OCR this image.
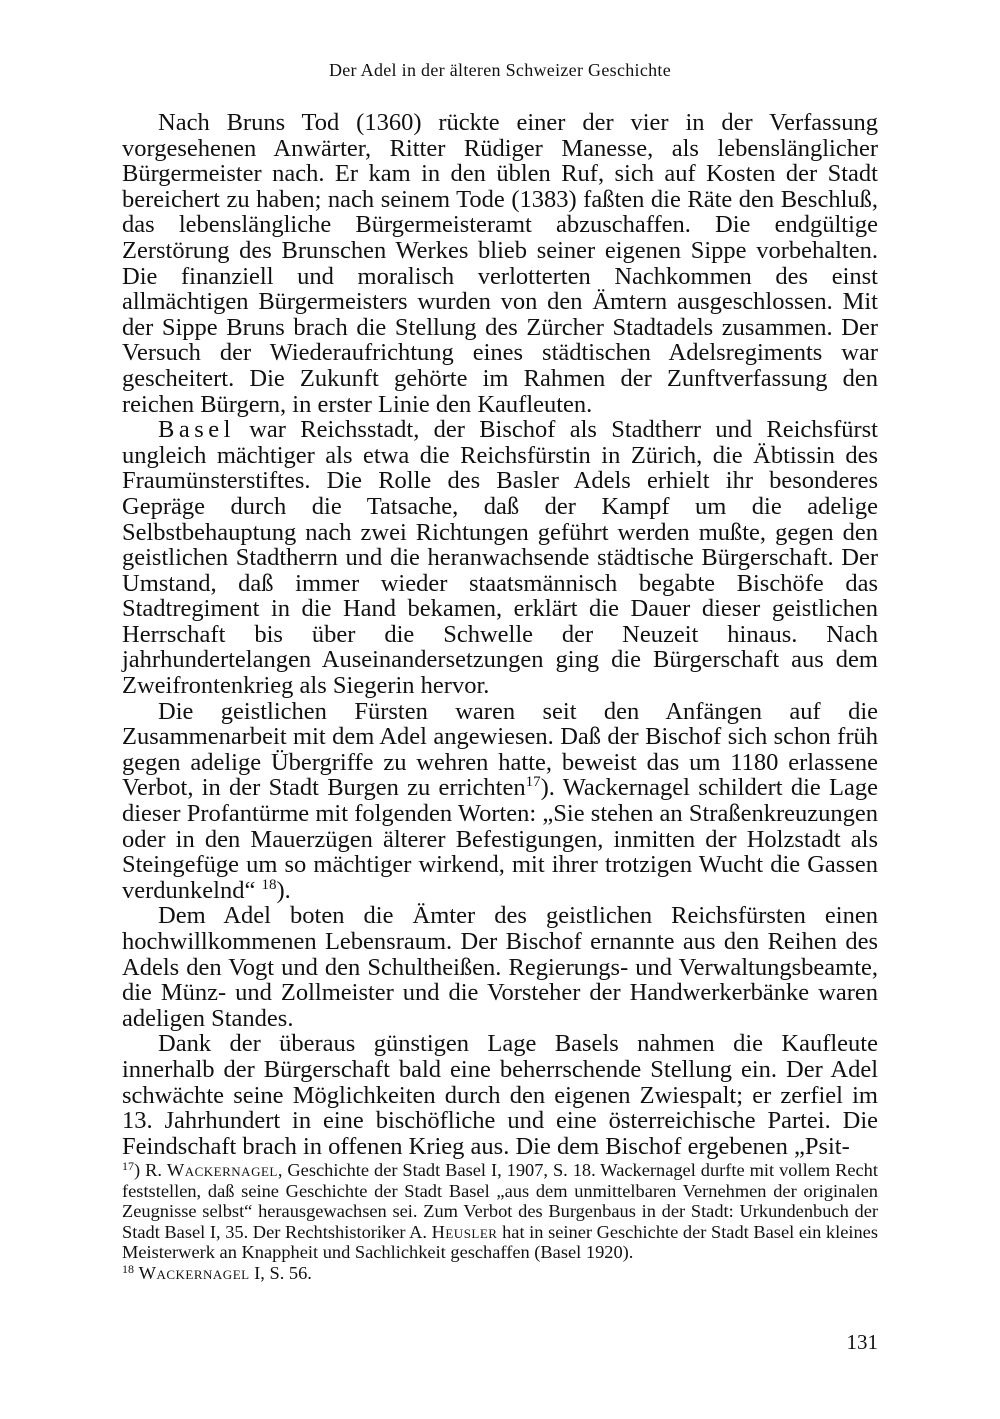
Der Adel in der älteren Schweizer Geschichte

Nach Bruns Tod (1360) rückte einer der vier in der Verfassung vorgesehenen Anwärter, Ritter Rüdiger Manesse, als lebenslänglicher Bürgermeister nach. Er kam in den üblen Ruf, sich auf Kosten der Stadt bereichert zu haben; nach seinem Tode (1383) faßten die Räte den Beschluß, das lebenslängliche Bürgermeisteramt abzuschaffen. Die endgültige Zerstörung des Brunschen Werkes blieb seiner eigenen Sippe vorbehalten. Die finanziell und moralisch verlotterten Nachkommen des einst allmächtigen Bürgermeisters wurden von den Ämtern ausgeschlossen. Mit der Sippe Bruns brach die Stellung des Zürcher Stadtadels zusammen. Der Versuch der Wiederaufrichtung eines städtischen Adelsregiments war gescheitert. Die Zukunft gehörte im Rahmen der Zunftverfassung den reichen Bürgern, in erster Linie den Kaufleuten.

Basel war Reichsstadt, der Bischof als Stadtherr und Reichsfürst ungleich mächtiger als etwa die Reichsfürstin in Zürich, die Äbtissin des Fraumünsterstiftes. Die Rolle des Basler Adels erhielt ihr besonderes Gepräge durch die Tatsache, daß der Kampf um die adelige Selbstbehauptung nach zwei Richtungen geführt werden mußte, gegen den geistlichen Stadtherrn und die heranwachsende städtische Bürgerschaft. Der Umstand, daß immer wieder staatsmännisch begabte Bischöfe das Stadtregiment in die Hand bekamen, erklärt die Dauer dieser geistlichen Herrschaft bis über die Schwelle der Neuzeit hinaus. Nach jahrhundertelangen Auseinandersetzungen ging die Bürgerschaft aus dem Zweifrontenkrieg als Siegerin hervor.

Die geistlichen Fürsten waren seit den Anfängen auf die Zusammenarbeit mit dem Adel angewiesen. Daß der Bischof sich schon früh gegen adelige Übergriffe zu wehren hatte, beweist das um 1180 erlassene Verbot, in der Stadt Burgen zu errichten$^{17}$). Wackernagel schildert die Lage dieser Profantürme mit folgenden Worten: „Sie stehen an Straßenkreuzungen oder in den Mauerzügen älterer Befestigungen, inmitten der Holzstadt als Steingefüge um so mächtiger wirkend, mit ihrer trotzigen Wucht die Gassen verdunkelnd“ $^{18}$).

Dem Adel boten die Ämter des geistlichen Reichsfürsten einen hochwillkommenen Lebensraum. Der Bischof ernannte aus den Reihen des Adels den Vogt und den Schultheißen. Regierungs- und Verwaltungsbeamte, die Münz- und Zollmeister und die Vorsteher der Handwerkerbänke waren adeligen Standes.

Dank der überaus günstigen Lage Basels nahmen die Kaufleute innerhalb der Bürgerschaft bald eine beherrschende Stellung ein. Der Adel schwächte seine Möglichkeiten durch den eigenen Zwiespalt; er zerfiel im 13. Jahrhundert in eine bischöfliche und eine österreichische Partei. Die Feindschaft brach in offenen Krieg aus. Die dem Bischof ergebenen „Psit-

$^{17}$) R. Wackernagel, Geschichte der Stadt Basel I, 1907, S. 18. Wackernagel durfte mit vollem Recht feststellen, daß seine Geschichte der Stadt Basel „aus dem unmittelbaren Vernehmen der originalen Zeugnisse selbst“ herausgewachsen sei. Zum Verbot des Burgenbaus in der Stadt: Urkundenbuch der Stadt Basel I, 35. Der Rechtshistoriker A. Heusler hat in seiner Geschichte der Stadt Basel ein kleines Meisterwerk an Knappheit und Sachlichkeit geschaffen (Basel 1920).

$^{18}$ Wackernagel I, S. 56.

131
